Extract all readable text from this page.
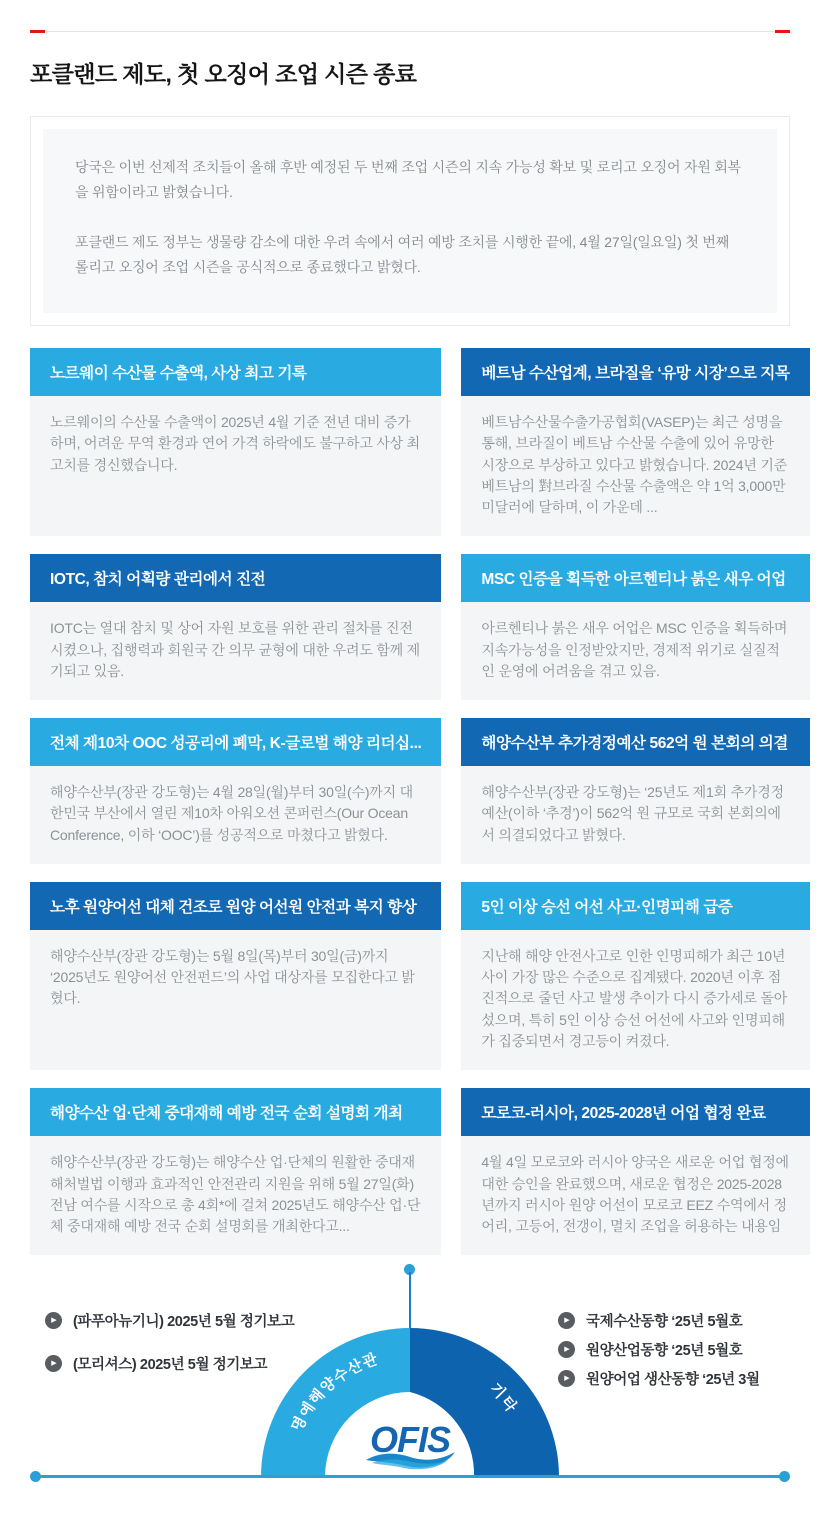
포클랜드 제도, 첫 오징어 조업 시즌 종료

당국은 이번 선제적 조치들이 올해 후반 예정된 두 번째 조업 시즌의 지속 가능성 확보 및 로리고 오징어 자원 회복을 위함이라고 밝혔습니다.

포클랜드 제도 정부는 생물량 감소에 대한 우려 속에서 여러 예방 조치를 시행한 끝에, 4월 27일(일요일) 첫 번째 롤리고 오징어 조업 시즌을 공식적으로 종료했다고 밝혔다.

노르웨이 수산물 수출액, 사상 최고 기록
노르웨이의 수산물 수출액이 2025년 4월 기준 전년 대비 증가하며, 어려운 무역 환경과 연어 가격 하락에도 불구하고 사상 최고치를 경신했습니다.
베트남 수산업계, 브라질을 ‘유망 시장’으로 지목
베트남수산물수출가공협회(VASEP)는 최근 성명을 통해, 브라질이 베트남 수산물 수출에 있어 유망한 시장으로 부상하고 있다고 밝혔습니다. 2024년 기준 베트남의 對브라질 수산물 수출액은 약 1억 3,000만 미달러에 달하며, 이 가운데 ...
IOTC, 참치 어획량 관리에서 진전
IOTC는 열대 참치 및 상어 자원 보호를 위한 관리 절차를 진전시켰으나, 집행력과 회원국 간 의무 균형에 대한 우려도 함께 제기되고 있음.
MSC 인증을 획득한 아르헨티나 붉은 새우 어업
아르헨티나 붉은 새우 어업은 MSC 인증을 획득하며 지속가능성을 인정받았지만, 경제적 위기로 실질적인 운영에 어려움을 겪고 있음.
전체 제10차 OOC 성공리에 폐막, K-글로벌 해양 리더십...
해양수산부(장관 강도형)는 4월 28일(월)부터 30일(수)까지 대한민국 부산에서 열린 제10차 아워오션 콘퍼런스(Our Ocean Conference, 이하 ‘OOC’)를 성공적으로 마쳤다고 밝혔다.
해양수산부 추가경정예산 562억 원 본회의 의결
해양수산부(장관 강도형)는 ‘25년도 제1회 추가경정예산(이하 ‘추경’)이 562억 원 규모로 국회 본회의에서 의결되었다고 밝혔다.
노후 원양어선 대체 건조로 원양 어선원 안전과 복지 향상
해양수산부(장관 강도형)는 5월 8일(목)부터 30일(금)까지 ‘2025년도 원양어선 안전펀드’의 사업 대상자를 모집한다고 밝혔다.
5인 이상 승선 어선 사고·인명피해 급증
지난해 해양 안전사고로 인한 인명피해가 최근 10년 사이 가장 많은 수준으로 집계됐다. 2020년 이후 점진적으로 줄던 사고 발생 추이가 다시 증가세로 돌아섰으며, 특히 5인 이상 승선 어선에 사고와 인명피해가 집중되면서 경고등이 켜졌다.
해양수산 업·단체 중대재해 예방 전국 순회 설명회 개최
해양수산부(장관 강도형)는 해양수산 업·단체의 원활한 중대재해처벌법 이행과 효과적인 안전관리 지원을 위해 5월 27일(화) 전남 여수를 시작으로 총 4회*에 걸쳐 2025년도 해양수산 업·단체 중대재해 예방 전국 순회 설명회를 개최한다고...
모로코-러시아, 2025-2028년 어업 협정 완료
4월 4일 모로코와 러시아 양국은 새로운 어업 협정에 대한 승인을 완료했으며, 새로운 협정은 2025-2028년까지 러시아 원양 어선이 모로코 EEZ 수역에서 정어리, 고등어, 전갱이, 멸치 조업을 허용하는 내용임
명예해양수산관
기타
OFIS
▶
(파푸아뉴기니) 2025년 5월 정기보고
▶
(모리셔스) 2025년 5월 정기보고
▶
국제수산동향 ‘25년 5월호
▶
원양산업동향 ‘25년 5월호
▶
원양어업 생산동향 ‘25년 3월
